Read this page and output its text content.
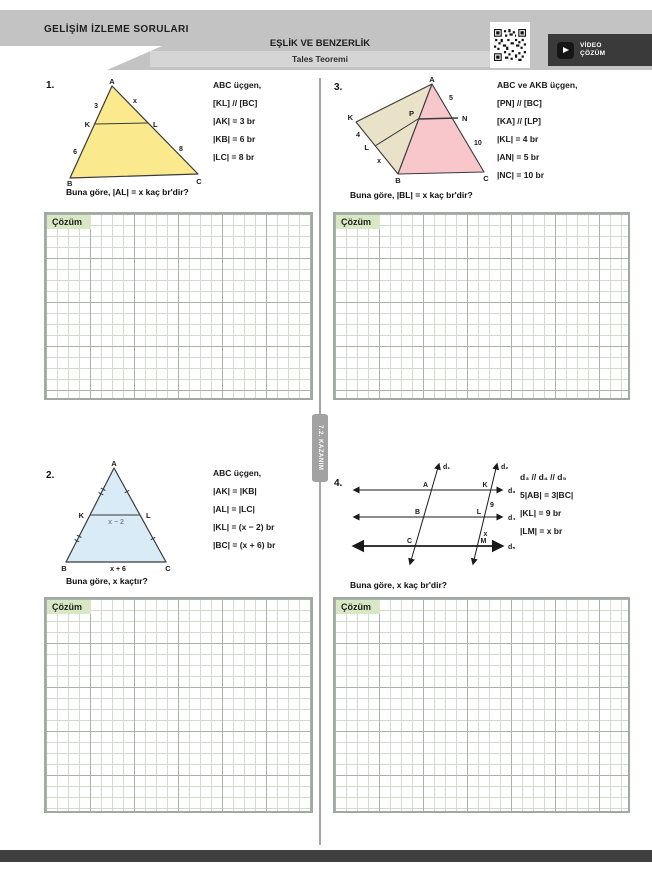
GELİŞİM İZLEME SORULARI
EŞLİK VE BENZERLİK
Tales Teoremi
VİDEO
ÇÖZÜM
1.	A
B	C
K	L
3
x
6	8
ABC üçgen,
[KL] // [BC]
|AK| = 3 br
|KB| = 6 br
|LC| = 8 br
Buna göre, |AL| = x kaç br'dir?
3.
A
B	C
K
L
P
N
5
10
4
x
ABC ve AKB üçgen,
[PN] // [BC]
[KA] // [LP]
|KL| = 4 br
|AN| = 5 br
|NC| = 10 br
Buna göre, |BL| = x kaç br'dir?
Çözüm	Çözüm
7.2. KAZANIM
2.
A
B	C
K	L
x − 2
x + 6
ABC üçgen,
|AK| = |KB|
|AL| = |LC|
|KL| = (x − 2) br
|BC| = (x + 6) br
Buna göre, x kaçtır?
4.
d₁	d₂
d₃
d₄
d₅
A
B
C
K
L
M
9
x
d₃ // d₄ // d₅
5|AB| = 3|BC|
|KL| = 9 br
|LM| = x br
Buna göre, x kaç br'dir?
Çözüm	Çözüm
